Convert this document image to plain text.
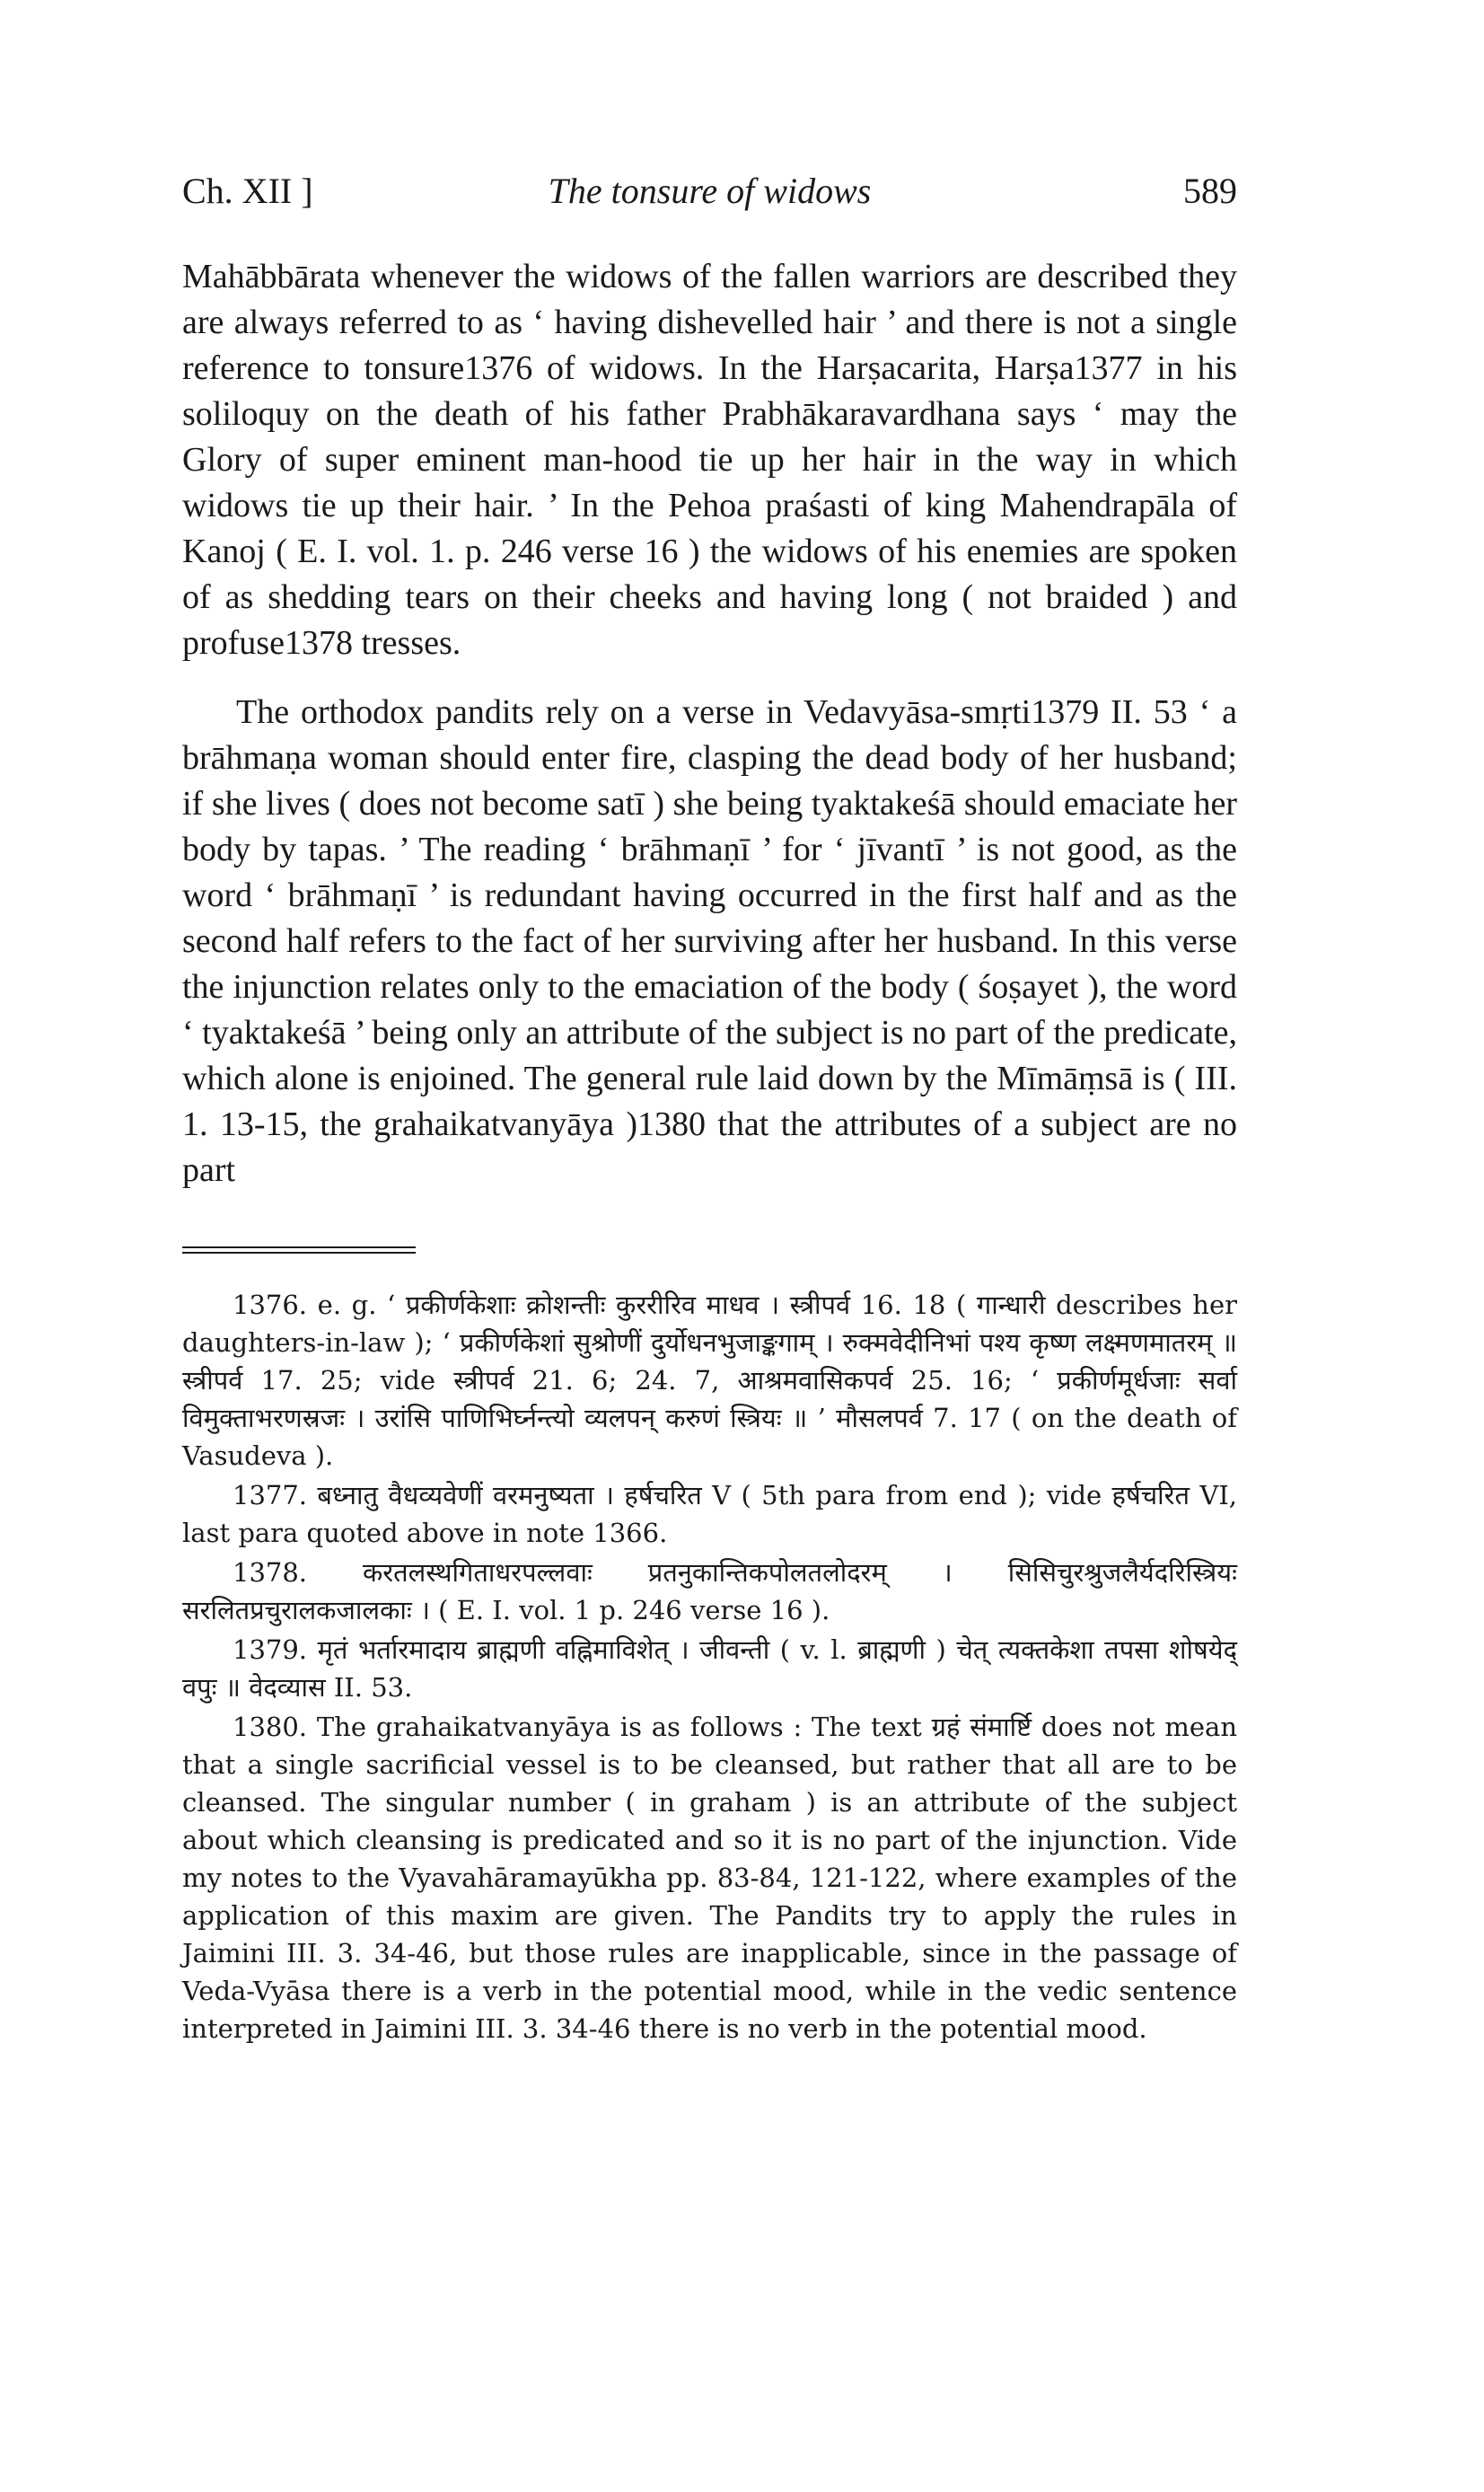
Ch. XII ]	The tonsure of widows	589

Mahābbārata whenever the widows of the fallen warriors are described they are always referred to as ‘ having dishevelled hair ’ and there is not a single reference to tonsure1376 of widows. In the Harṣacarita, Harṣa1377 in his soliloquy on the death of his father Prabhākaravardhana says ‘ may the Glory of super eminent man-hood tie up her hair in the way in which widows tie up their hair. ’ In the Pehoa praśasti of king Mahendrapāla of Kanoj ( E. I. vol. 1. p. 246 verse 16 ) the widows of his enemies are spoken of as shedding tears on their cheeks and having long ( not braided ) and profuse1378 tresses.

The orthodox pandits rely on a verse in Vedavyāsa-smṛti1379 II. 53 ‘ a brāhmaṇa woman should enter fire, clasping the dead body of her husband; if she lives ( does not become satī ) she being tyaktakeśā should emaciate her body by tapas. ’ The reading ‘ brāhmaṇī ’ for ‘ jīvantī ’ is not good, as the word ‘ brāhmaṇī ’ is redundant having occurred in the first half and as the second half refers to the fact of her surviving after her husband. In this verse the injunction relates only to the emaciation of the body ( śoṣayet ), the word ‘ tyaktakeśā ’ being only an attribute of the subject is no part of the predicate, which alone is enjoined. The general rule laid down by the Mīmāṃsā is ( III. 1. 13-15, the grahaikatvanyāya )1380 that the attributes of a subject are no part

1376. e. g. ‘ प्रकीर्णकेशाः क्रोशन्तीः कुररीरिव माधव । स्त्रीपर्व 16. 18 ( गान्धारी describes her daughters-in-law ); ‘ प्रकीर्णकेशां सुश्रोणीं दुर्योधनभुजाङ्कगाम् । रुक्मवेदीनिभां पश्य कृष्ण लक्ष्मणमातरम् ॥ स्त्रीपर्व 17. 25; vide स्त्रीपर्व 21. 6; 24. 7, आश्रमवासिकपर्व 25. 16; ‘ प्रकीर्णमूर्धजाः सर्वा विमुक्ताभरणस्रजः । उरांसि पाणिभिर्घ्नन्त्यो व्यलपन् करुणं स्त्रियः ॥ ’ मौसलपर्व 7. 17 ( on the death of Vasudeva ).

1377. बध्नातु वैधव्यवेणीं वरमनुष्यता । हर्षचरित V ( 5th para from end ); vide हर्षचरित VI, last para quoted above in note 1366.

1378. करतलस्थगिताधरपल्लवाः प्रतनुकान्तिकपोलतलोदरम् । सिसिचुरश्रुजलैर्यदरिस्त्रियः सरलितप्रचुरालकजालकाः । ( E. I. vol. 1 p. 246 verse 16 ).

1379. मृतं भर्तारमादाय ब्राह्मणी वह्निमाविशेत् । जीवन्ती ( v. l. ब्राह्मणी ) चेत् त्यक्तकेशा तपसा शोषयेद् वपुः ॥ वेदव्यास II. 53.

1380. The grahaikatvanyāya is as follows : The text ग्रहं संमार्ष्टि does not mean that a single sacrificial vessel is to be cleansed, but rather that all are to be cleansed. The singular number ( in graham ) is an attribute of the subject about which cleansing is predicated and so it is no part of the injunction. Vide my notes to the Vyavahāramayūkha pp. 83-84, 121-122, where examples of the application of this maxim are given. The Pandits try to apply the rules in Jaimini III. 3. 34-46, but those rules are inapplicable, since in the passage of Veda-Vyāsa there is a verb in the potential mood, while in the vedic sentence interpreted in Jaimini III. 3. 34-46 there is no verb in the potential mood.
